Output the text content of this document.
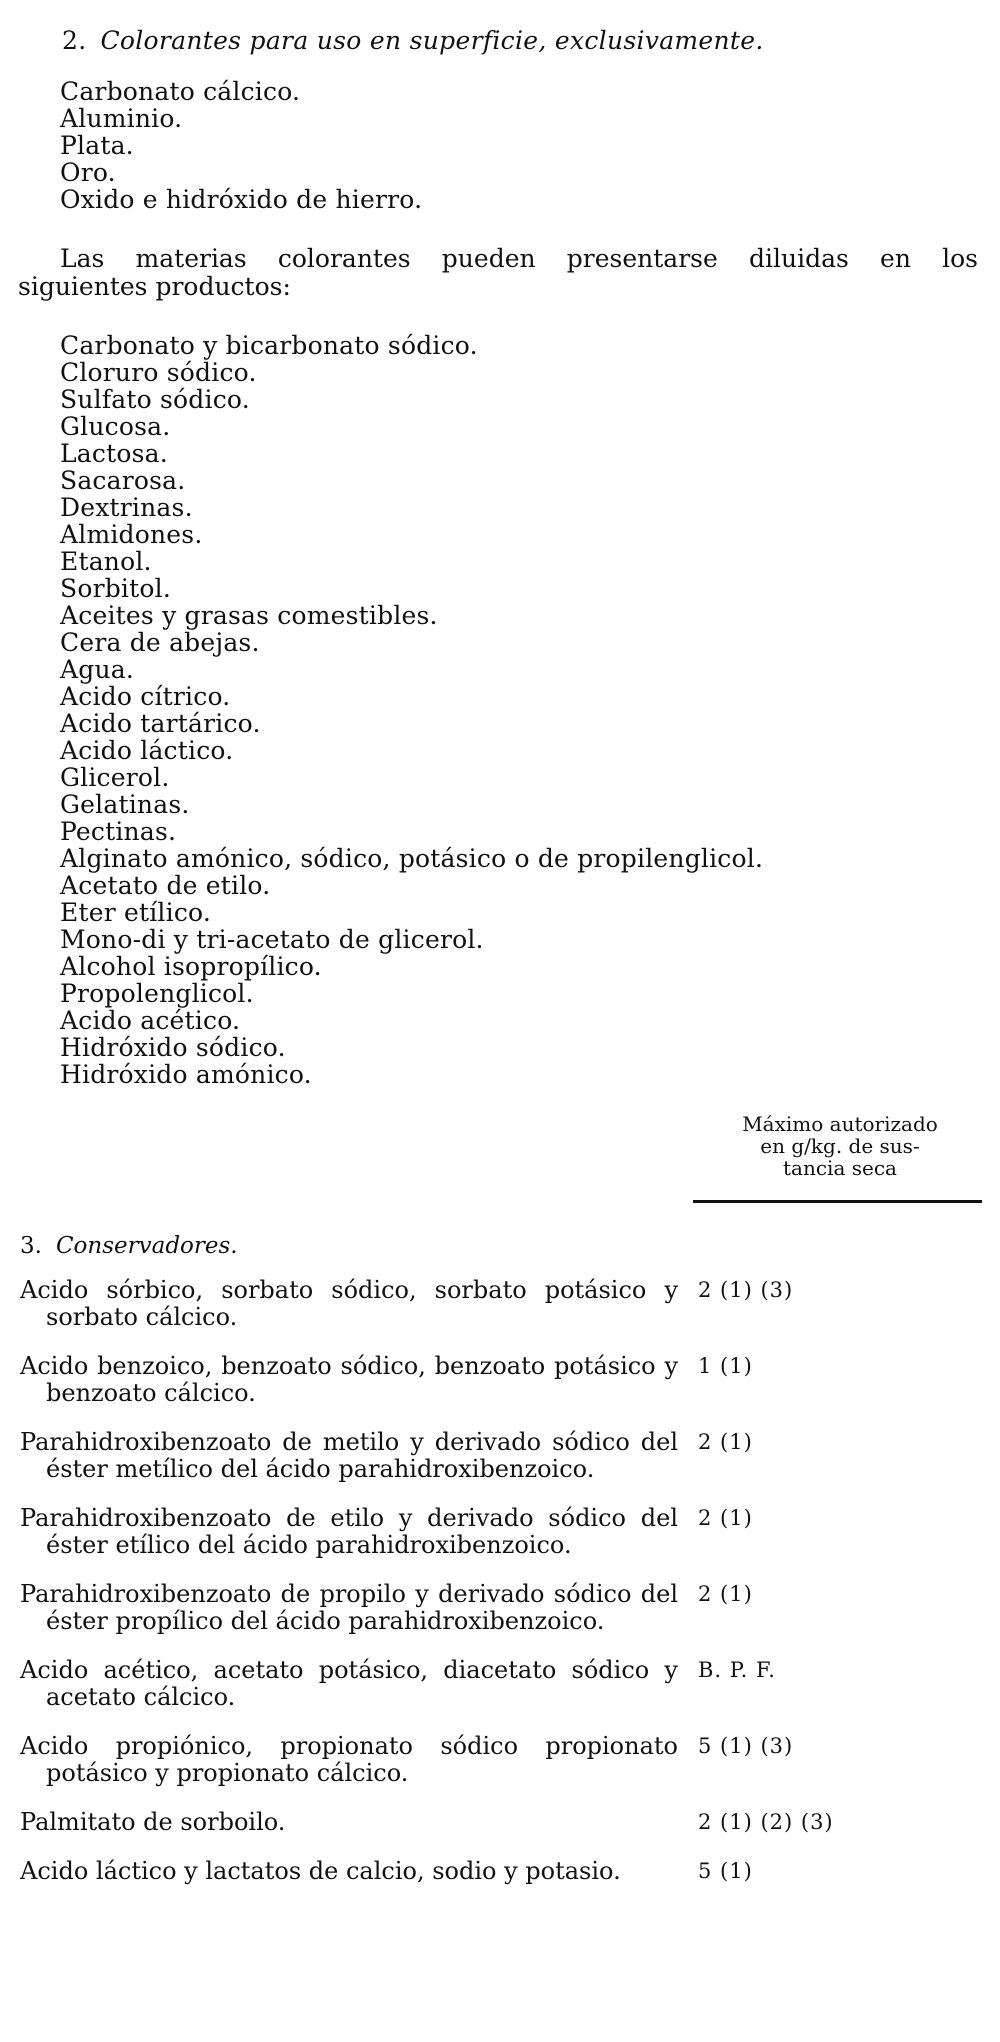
2. Colorantes para uso en superficie, exclusivamente.
Carbonato cálcico.
Aluminio.
Plata.
Oro.
Oxido e hidróxido de hierro.
Las materias colorantes pueden presentarse diluidas en los
siguientes productos:
Carbonato y bicarbonato sódico.
Cloruro sódico.
Sulfato sódico.
Glucosa.
Lactosa.
Sacarosa.
Dextrinas.
Almidones.
Etanol.
Sorbitol.
Aceites y grasas comestibles.
Cera de abejas.
Agua.
Acido cítrico.
Acido tartárico.
Acido láctico.
Glicerol.
Gelatinas.
Pectinas.
Alginato amónico, sódico, potásico o de propilenglicol.
Acetato de etilo.
Eter etílico.
Mono-di y tri-acetato de glicerol.
Alcohol isopropílico.
Propolenglicol.
Acido acético.
Hidróxido sódico.
Hidróxido amónico.
Máximo autorizado
en g/kg. de sus-
tancia seca
3. Conservadores.
Acido sórbico, sorbato sódico, sorbato potásico y sorbato cálcico.
2 (1) (3)
Acido benzoico, benzoato sódico, benzoato potásico y benzoato cálcico.
1 (1)
Parahidroxibenzoato de metilo y derivado sódico del éster metílico del ácido parahidroxibenzoico.
2 (1)
Parahidroxibenzoato de etilo y derivado sódico del éster etílico del ácido parahidroxibenzoico.
2 (1)
Parahidroxibenzoato de propilo y derivado sódico del éster propílico del ácido parahidroxibenzoico.
2 (1)
Acido acético, acetato potásico, diacetato sódico y acetato cálcico.
B. P. F.
Acido propiónico, propionato sódico propionato potásico y propionato cálcico.
5 (1) (3)
Palmitato de sorboilo.	2 (1) (2) (3)
Acido láctico y lactatos de calcio, sodio y potasio.	5 (1)
